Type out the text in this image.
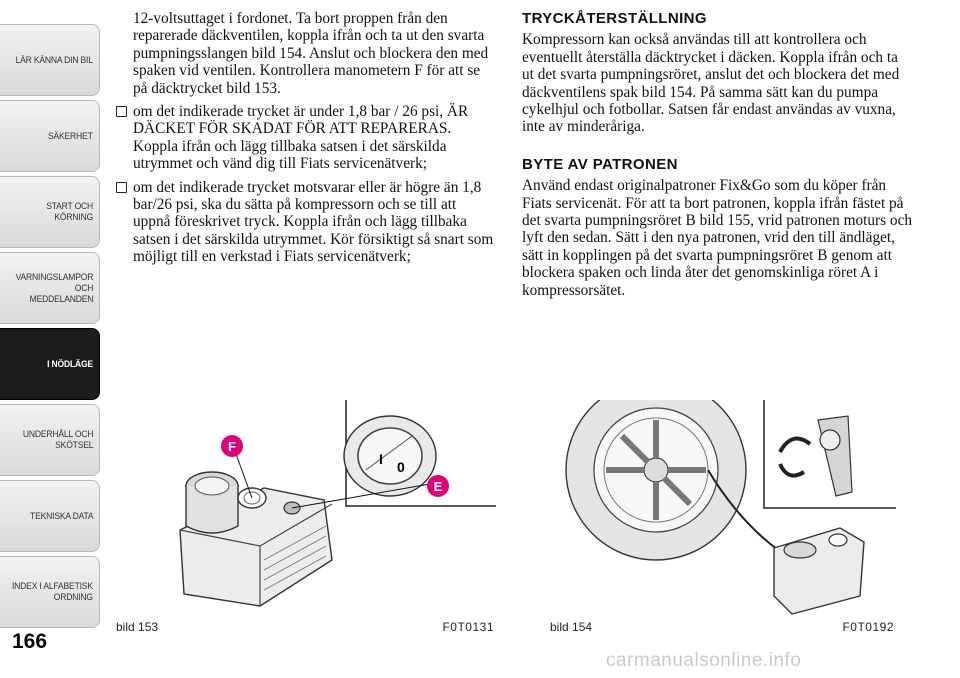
LÄR KÄNNA DIN BIL
SÄKERHET
START OCH
KÖRNING
VARNINGSLAMPOR
OCH
MEDDELANDEN
I NÖDLÄGE
UNDERHÅLL OCH
SKÖTSEL
TEKNISKA DATA
INDEX I ALFABETISK
ORDNING
166

12-voltsuttaget i fordonet. Ta bort proppen från den reparerade däckventilen, koppla ifrån och ta ut den svarta pumpningsslangen bild 154. Anslut och blockera den med spaken vid ventilen. Kontrollera manometern F för att se på däcktrycket bild 153.

om det indikerade trycket är under 1,8 bar / 26 psi, ÄR DÄCKET FÖR SKADAT FÖR ATT REPARERAS. Koppla ifrån och lägg tillbaka satsen i det särskilda utrymmet och vänd dig till Fiats servicenätverk;
om det indikerade trycket motsvarar eller är högre än 1,8 bar/26 psi, ska du sätta på kompressorn och se till att uppnå föreskrivet tryck. Koppla ifrån och lägg tillbaka satsen i det särskilda utrymmet. Kör försiktigt så snart som möjligt till en verkstad i Fiats servicenätverk;
TRYCKÅTERSTÄLLNING

Kompressorn kan också användas till att kontrollera och eventuellt återställa däcktrycket i däcken. Koppla ifrån och ta ut det svarta pumpningsröret, anslut det och blockera det med däckventilens spak bild 154. På samma sätt kan du pumpa cykelhjul och fotbollar. Satsen får endast användas av vuxna, inte av minderåriga.

BYTE AV PATRONEN

Använd endast originalpatroner Fix&Go som du köper från Fiats servicenät. För att ta bort patronen, koppla ifrån fästet på det svarta pumpningsröret B bild 155, vrid patronen moturs och lyft den sedan. Sätt i den nya patronen, vrid den till ändläget, sätt in kopplingen på det svarta pumpningsröret B genom att blockera spaken och linda åter det genomskinliga röret A i kompressorsätet.

I 0
F
E
bild 153	F0T0131	bild 154	F0T0192
carmanualsonline.info
